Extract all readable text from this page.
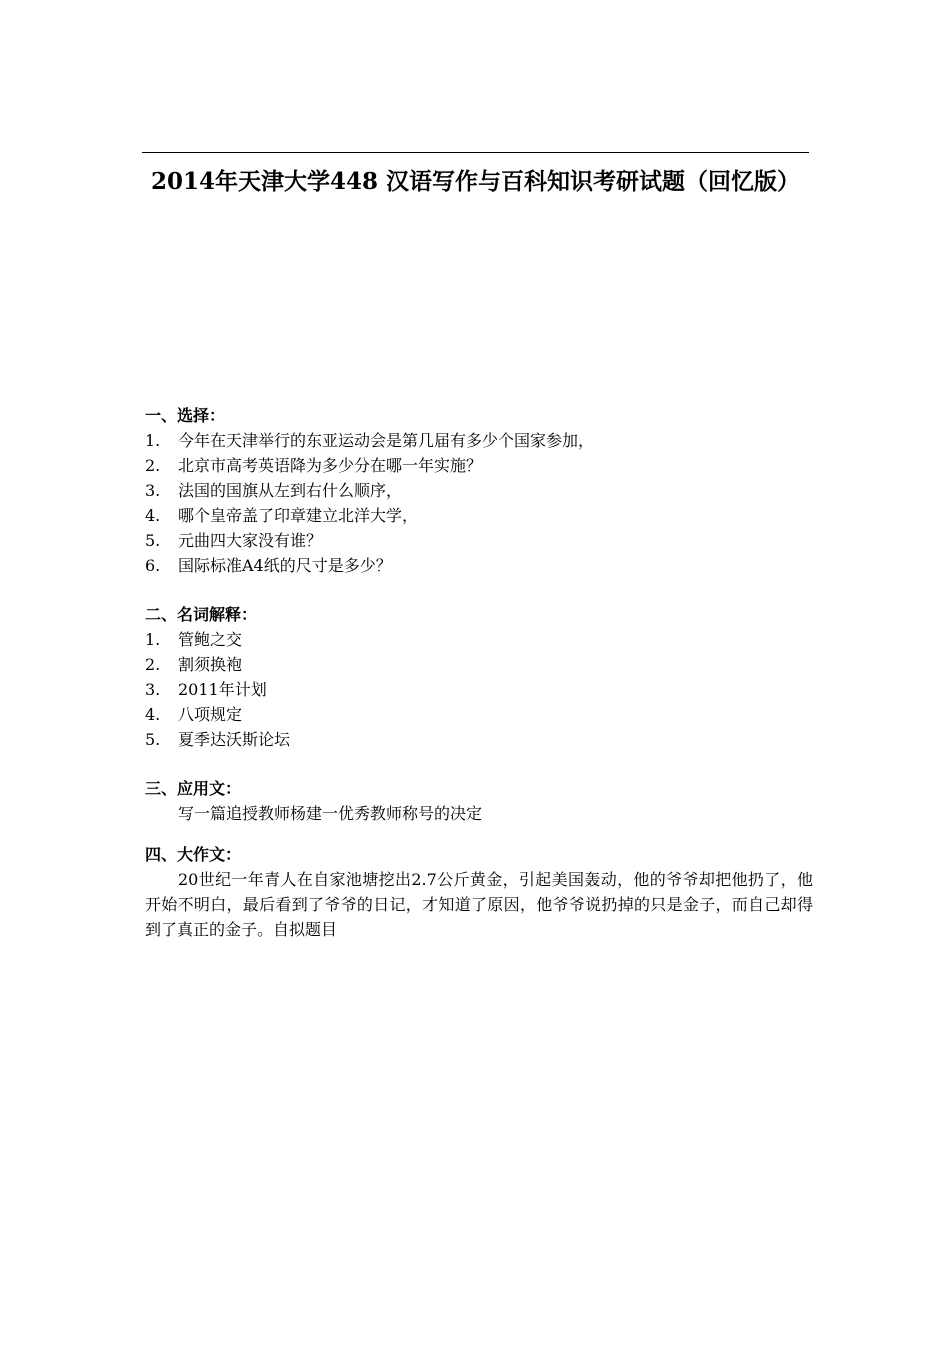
2014年天津大学448 汉语写作与百科知识考研试题（回忆版）
一、选择：
1.	今年在天津举行的东亚运动会是第几届有多少个国家参加，
2.	北京市高考英语降为多少分在哪一年实施？
3.	法国的国旗从左到右什么顺序，
4.	哪个皇帝盖了印章建立北洋大学，
5.	元曲四大家没有谁？
6.	国际标准A4纸的尺寸是多少？
二、名词解释：
1.	管鲍之交
2.	割须换袍
3.	2011年计划
4.	八项规定
5.	夏季达沃斯论坛
三、应用文：
写一篇追授教师杨建一优秀教师称号的决定
四、大作文：

20世纪一年青人在自家池塘挖出2.7公斤黄金，引起美国轰动，他的爷爷却把他扔了，他开始不明白，最后看到了爷爷的日记，才知道了原因，他爷爷说扔掉的只是金子，而自己却得到了真正的金子。自拟题目
